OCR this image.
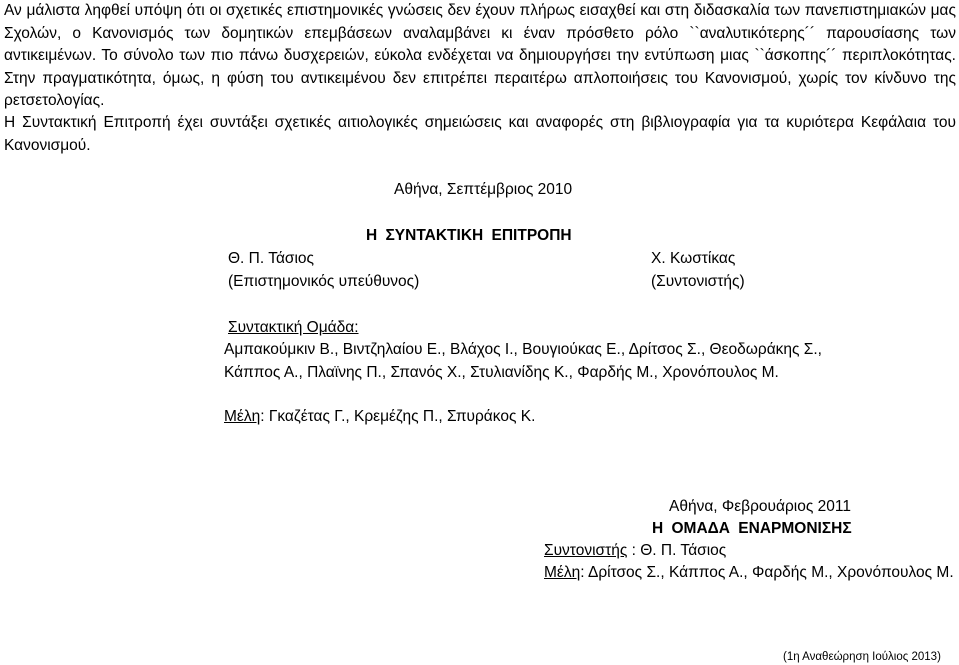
Αν μάλιστα ληφθεί υπόψη ότι οι σχετικές επιστημονικές γνώσεις δεν έχουν πλήρως εισαχθεί και στη διδασκαλία των πανεπιστημιακών μας Σχολών, ο Κανονισμός των δομητικών επεμβάσεων αναλαμβάνει κι έναν πρόσθετο ρόλο ``αναλυτικότερης´´ παρουσίασης των αντικειμένων. Το σύνολο των πιο πάνω δυσχερειών, εύκολα ενδέχεται να δημιουργήσει την εντύπωση μιας ``άσκοπης´´ περιπλοκότητας. Στην πραγματικότητα, όμως, η φύση του αντικειμένου δεν επιτρέπει περαιτέρω απλοποιήσεις του Κανονισμού, χωρίς τον κίνδυνο της ρετσετολογίας.

Η Συντακτική Επιτροπή έχει συντάξει σχετικές αιτιολογικές σημειώσεις και αναφορές στη βιβλιογραφία για τα κυριότερα Κεφάλαια του Κανονισμού.

Αθήνα, Σεπτέμβριος 2010
Η ΣΥΝΤΑΚΤΙΚΗ ΕΠΙΤΡΟΠΗ
Θ. Π. Τάσιος
(Επιστημονικός υπεύθυνος)
Χ. Κωστίκας
(Συντονιστής)
Συντακτική Ομάδα:
Αμπακούμκιν Β., Βιντζηλαίου Ε., Βλάχος Ι., Βουγιούκας Ε., Δρίτσος Σ., Θεοδωράκης Σ.,
Κάππος Α., Πλαϊνης Π., Σπανός Χ., Στυλιανίδης Κ., Φαρδής Μ., Χρονόπουλος Μ.
Μέλη: Γκαζέτας Γ., Κρεμέζης Π., Σπυράκος Κ.
Αθήνα, Φεβρουάριος 2011
Η ΟΜΑΔΑ ΕΝΑΡΜΟΝΙΣΗΣ
Συντονιστής : Θ. Π. Τάσιος
Μέλη: Δρίτσος Σ., Κάππος Α., Φαρδής Μ., Χρονόπουλος Μ.
(1η Αναθεώρηση Ιούλιος 2013)
